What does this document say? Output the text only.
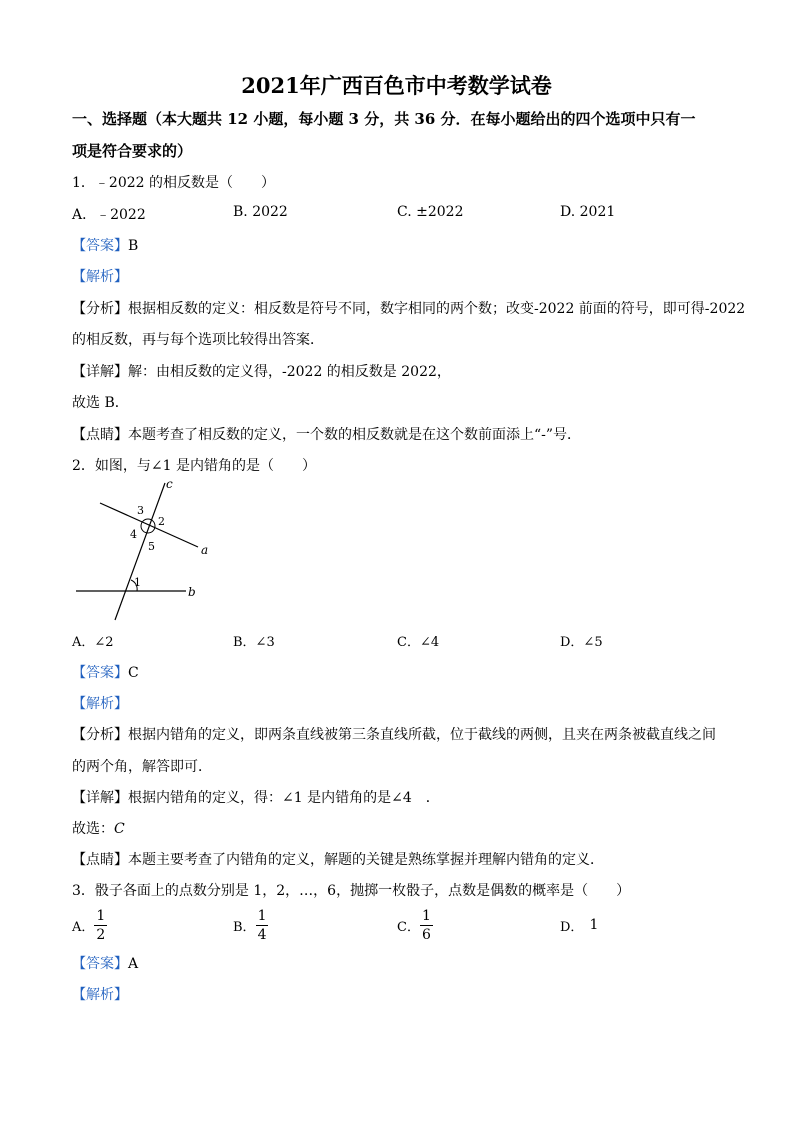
2021年广西百色市中考数学试卷
一、选择题（本大题共 12 小题，每小题 3 分，共 36 分．在每小题给出的四个选项中只有一
项是符合要求的）
1．﹣2022 的相反数是（　　）
A．﹣2022	B. 2022	C. ±2022	D. 2021
【答案】B
【解析】
【分析】根据相反数的定义：相反数是符号不同，数字相同的两个数；改变-2022 前面的符号，即可得-2022
的相反数，再与每个选项比较得出答案．
【详解】解：由相反数的定义得，-2022 的相反数是 2022，
故选 B．
【点睛】本题考查了相反数的定义，一个数的相反数就是在这个数前面添上“-”号．
2．如图，与∠1 是内错角的是（　　）
c
a
b
3
2
4
5
1
A．∠2	B．∠3	C．∠4	D．∠5
【答案】C
【解析】
【分析】根据内错角的定义，即两条直线被第三条直线所截，位于截线的两侧，且夹在两条被截直线之间
的两个角，解答即可．
【详解】根据内错角的定义，得：∠1 是内错角的是∠4　．
故选：C
【点睛】本题主要考查了内错角的定义，解题的关键是熟练掌握并理解内错角的定义．
3．骰子各面上的点数分别是 1，2，…，6，抛掷一枚骰子，点数是偶数的概率是（　　）
A． $\frac{1}{2}$	B． $\frac{1}{4}$	C． $\frac{1}{6}$	D． 1
【答案】A
【解析】
